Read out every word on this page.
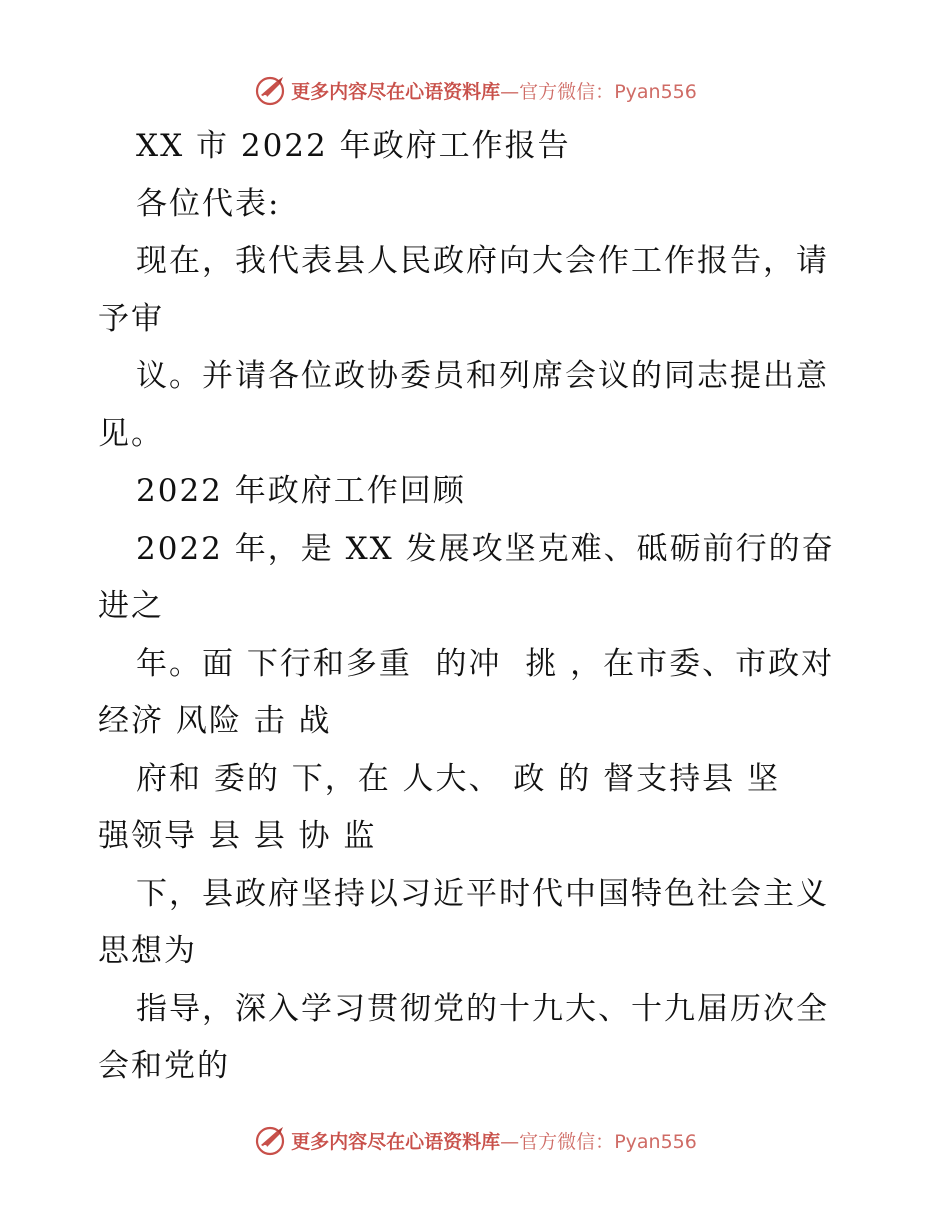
更多内容尽在心语资料库—官方微信：Pyan556
XX 市 2022 年政府工作报告
各位代表:
现在，我代表县人民政府向大会作工作报告，请
予审
议。并请各位政协委员和列席会议的同志提出意
见。
2022 年政府工作回顾
2022 年，是 XX 发展攻坚克难、砥砺前行的奋
进之
年。面 下行和多重  的冲  挑 ，在市委、市政对
经济 风险 击 战
府和 委的 下，在 人大、 政 的 督支持县 坚
强领导 县 县 协 监
下，县政府坚持以习近平时代中国特色社会主义
思想为
指导，深入学习贯彻党的十九大、十九届历次全
会和党的
更多内容尽在心语资料库—官方微信：Pyan556
